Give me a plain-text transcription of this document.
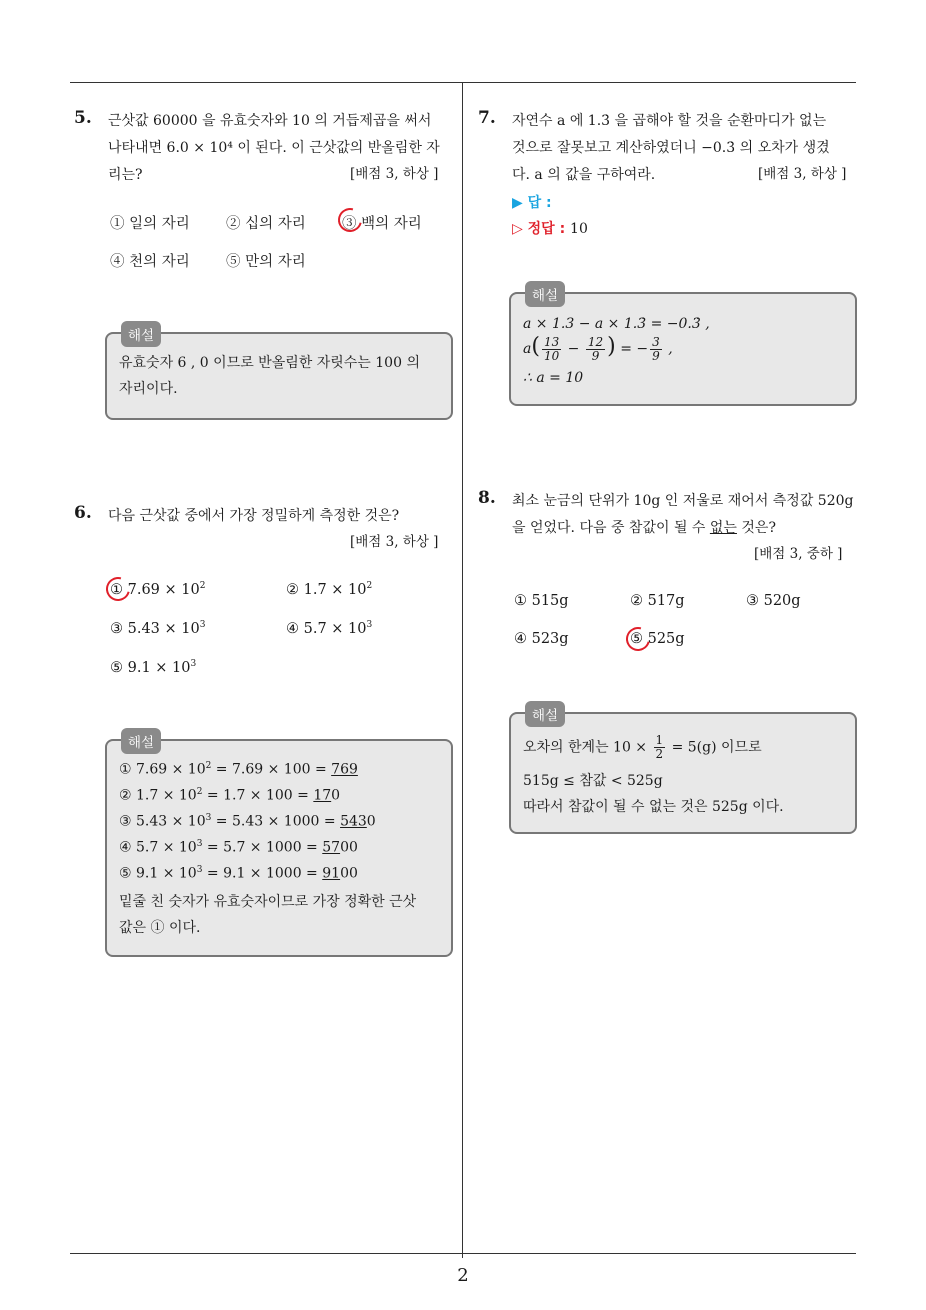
2
5. 근삿값 60000 을 유효숫자와 10 의 거듭제곱을 써서
나타내면 6.0 × 10⁴ 이 된다. 이 근삿값의 반올림한 자
리는?	[배점 3, 하상 ]
① 일의 자리	② 십의 자리	③ 백의 자리
④ 천의 자리	⑤ 만의 자리
해설
유효숫자 6 , 0 이므로 반올림한 자릿수는 100 의
자리이다.
6. 다음 근삿값 중에서 가장 정밀하게 측정한 것은?
[배점 3, 하상 ]
① $7.69 \times 10^2$	② $1.7 \times 10^2$
③ $5.43 \times 10^3$	④ $5.7 \times 10^3$
⑤ $9.1 \times 10^3$
해설
① $7.69 \times 10^2 = 7.69 \times 100 = 769$
② $1.7 \times 10^2 = 1.7 \times 100 = 170$
③ $5.43 \times 10^3 = 5.43 \times 1000 = 5430$
④ $5.7 \times 10^3 = 5.7 \times 1000 = 5700$
⑤ $9.1 \times 10^3 = 9.1 \times 1000 = 9100$
밑줄 친 숫자가 유효숫자이므로 가장 정확한 근삿
값은 ① 이다.
7. 자연수 a 에 1.3̇ 을 곱해야 할 것을 순환마디가 없는
것으로 잘못보고 계산하였더니 −0.3̇ 의 오차가 생겼
다. a 의 값을 구하여라.	[배점 3, 하상 ]
▶ 답 :
▷ 정답 : 10
해설
a × 1.3 − a × 1.3̇ = −0.3̇ ,
$a( \frac{13}{10} - \frac{12}{9}$ ) = − $\frac{3}{9}$ ,
∴ a = 10
8. 최소 눈금의 단위가 10g 인 저울로 재어서 측정값 520g
을 얻었다. 다음 중 참값이 될 수 없는 것은?
[배점 3, 중하 ]
① 515g	② 517g	③ 520g
④ 523g	⑤ 525g
해설
오차의 한계는 $10 \times \frac{1}{2} = 5(g)$ 이므로
515g ≤ 참값 < 525g
따라서 참값이 될 수 없는 것은 525g 이다.
